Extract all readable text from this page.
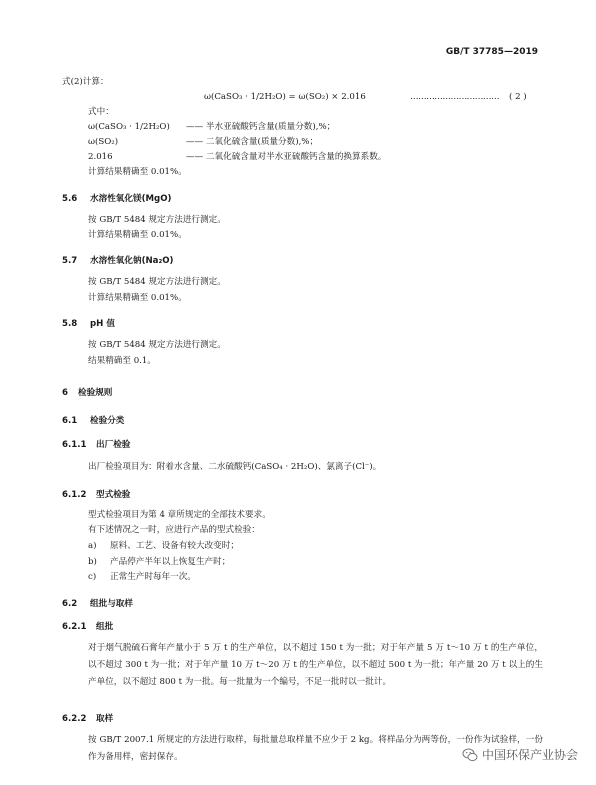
GB/T 37785—2019
式(2)计算：
ω(CaSO₃ · 1/2H₂O) = ω(SO₂) × 2.016	…………………………… ( 2 )
式中：
ω(CaSO₃ · 1/2H₂O) —— 半水亚硫酸钙含量(质量分数),%；
ω(SO₂)	—— 二氧化硫含量(质量分数),%；
2.016	—— 二氧化硫含量对半水亚硫酸钙含量的换算系数。
计算结果精确至 0.01%。
5.6 水溶性氧化镁(MgO)
按 GB/T 5484 规定方法进行测定。
计算结果精确至 0.01%。
5.7 水溶性氧化钠(Na₂O)
按 GB/T 5484 规定方法进行测定。
计算结果精确至 0.01%。
5.8 pH 值
按 GB/T 5484 规定方法进行测定。
结果精确至 0.1。
6 检验规则
6.1 检验分类
6.1.1 出厂检验
出厂检验项目为：附着水含量、二水硫酸钙(CaSO₄ · 2H₂O)、氯离子(Cl⁻)。
6.1.2 型式检验
型式检验项目为第 4 章所规定的全部技术要求。
有下述情况之一时，应进行产品的型式检验：
a) 原料、工艺、设备有较大改变时；
b) 产品停产半年以上恢复生产时；
c) 正常生产时每年一次。
6.2 组批与取样
6.2.1 组批
对于烟气脱硫石膏年产量小于 5 万 t 的生产单位，以不超过 150 t 为一批；对于年产量 5 万 t～10 万 t 的生产单位，以不超过 300 t 为一批；对于年产量 10 万 t～20 万 t 的生产单位，以不超过 500 t 为一批；年产量 20 万 t 以上的生产单位，以不超过 800 t 为一批。每一批量为一个编号，不足一批时以一批计。
6.2.2 取样
按 GB/T 2007.1 所规定的方法进行取样，每批量总取样量不应少于 2 kg。将样品分为两等份，一份作为试验样，一份作为备用样，密封保存。	中国环保产业协会
